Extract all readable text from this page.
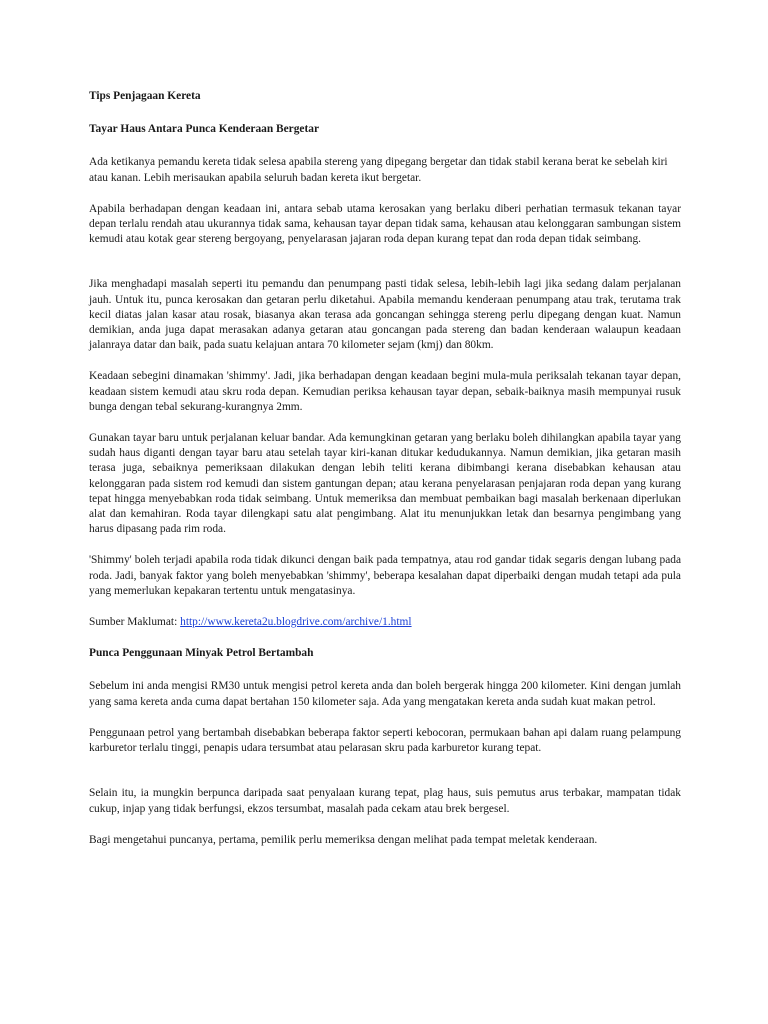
Tips Penjagaan Kereta
Tayar Haus Antara Punca Kenderaan Bergetar

Ada ketikanya pemandu kereta tidak selesa apabila stereng yang dipegang bergetar dan tidak stabil kerana berat ke sebelah kiri atau kanan. Lebih merisaukan apabila seluruh badan kereta ikut bergetar.

Apabila berhadapan dengan keadaan ini, antara sebab utama kerosakan yang berlaku diberi perhatian termasuk tekanan tayar depan terlalu rendah atau ukurannya tidak sama, kehausan tayar depan tidak sama, kehausan atau kelonggaran sambungan sistem kemudi atau kotak gear stereng bergoyang, penyelarasan jajaran roda depan kurang tepat dan roda depan tidak seimbang.

Jika menghadapi masalah seperti itu pemandu dan penumpang pasti tidak selesa, lebih-lebih lagi jika sedang dalam perjalanan jauh. Untuk itu, punca kerosakan dan getaran perlu diketahui. Apabila memandu kenderaan penumpang atau trak, terutama trak kecil diatas jalan kasar atau rosak, biasanya akan terasa ada goncangan sehingga stereng perlu dipegang dengan kuat. Namun demikian, anda juga dapat merasakan adanya getaran atau goncangan pada stereng dan badan kenderaan walaupun keadaan jalanraya datar dan baik, pada suatu kelajuan antara 70 kilometer sejam (kmj) dan 80km.

Keadaan sebegini dinamakan 'shimmy'. Jadi, jika berhadapan dengan keadaan begini mula-mula periksalah tekanan tayar depan, keadaan sistem kemudi atau skru roda depan. Kemudian periksa kehausan tayar depan, sebaik-baiknya masih mempunyai rusuk bunga dengan tebal sekurang-kurangnya 2mm.

Gunakan tayar baru untuk perjalanan keluar bandar. Ada kemungkinan getaran yang berlaku boleh dihilangkan apabila tayar yang sudah haus diganti dengan tayar baru atau setelah tayar kiri-kanan ditukar kedudukannya. Namun demikian, jika getaran masih terasa juga, sebaiknya pemeriksaan dilakukan dengan lebih teliti kerana dibimbangi kerana disebabkan kehausan atau kelonggaran pada sistem rod kemudi dan sistem gantungan depan; atau kerana penyelarasan penjajaran roda depan yang kurang tepat hingga menyebabkan roda tidak seimbang. Untuk memeriksa dan membuat pembaikan bagi masalah berkenaan diperlukan alat dan kemahiran. Roda tayar dilengkapi satu alat pengimbang. Alat itu menunjukkan letak dan besarnya pengimbang yang harus dipasang pada rim roda.

'Shimmy' boleh terjadi apabila roda tidak dikunci dengan baik pada tempatnya, atau rod gandar tidak segaris dengan lubang pada roda. Jadi, banyak faktor yang boleh menyebabkan 'shimmy', beberapa kesalahan dapat diperbaiki dengan mudah tetapi ada pula yang memerlukan kepakaran tertentu untuk mengatasinya.

Sumber Maklumat: http://www.kereta2u.blogdrive.com/archive/1.html

Punca Penggunaan Minyak Petrol Bertambah

Sebelum ini anda mengisi RM30 untuk mengisi petrol kereta anda dan boleh bergerak hingga 200 kilometer. Kini dengan jumlah yang sama kereta anda cuma dapat bertahan 150 kilometer saja. Ada yang mengatakan kereta anda sudah kuat makan petrol.

Penggunaan petrol yang bertambah disebabkan beberapa faktor seperti kebocoran, permukaan bahan api dalam ruang pelampung karburetor terlalu tinggi, penapis udara tersumbat atau pelarasan skru pada karburetor kurang tepat.

Selain itu, ia mungkin berpunca daripada saat penyalaan kurang tepat, plag haus, suis pemutus arus terbakar, mampatan tidak cukup, injap yang tidak berfungsi, ekzos tersumbat, masalah pada cekam atau brek bergesel.

Bagi mengetahui puncanya, pertama, pemilik perlu memeriksa dengan melihat pada tempat meletak kenderaan.
